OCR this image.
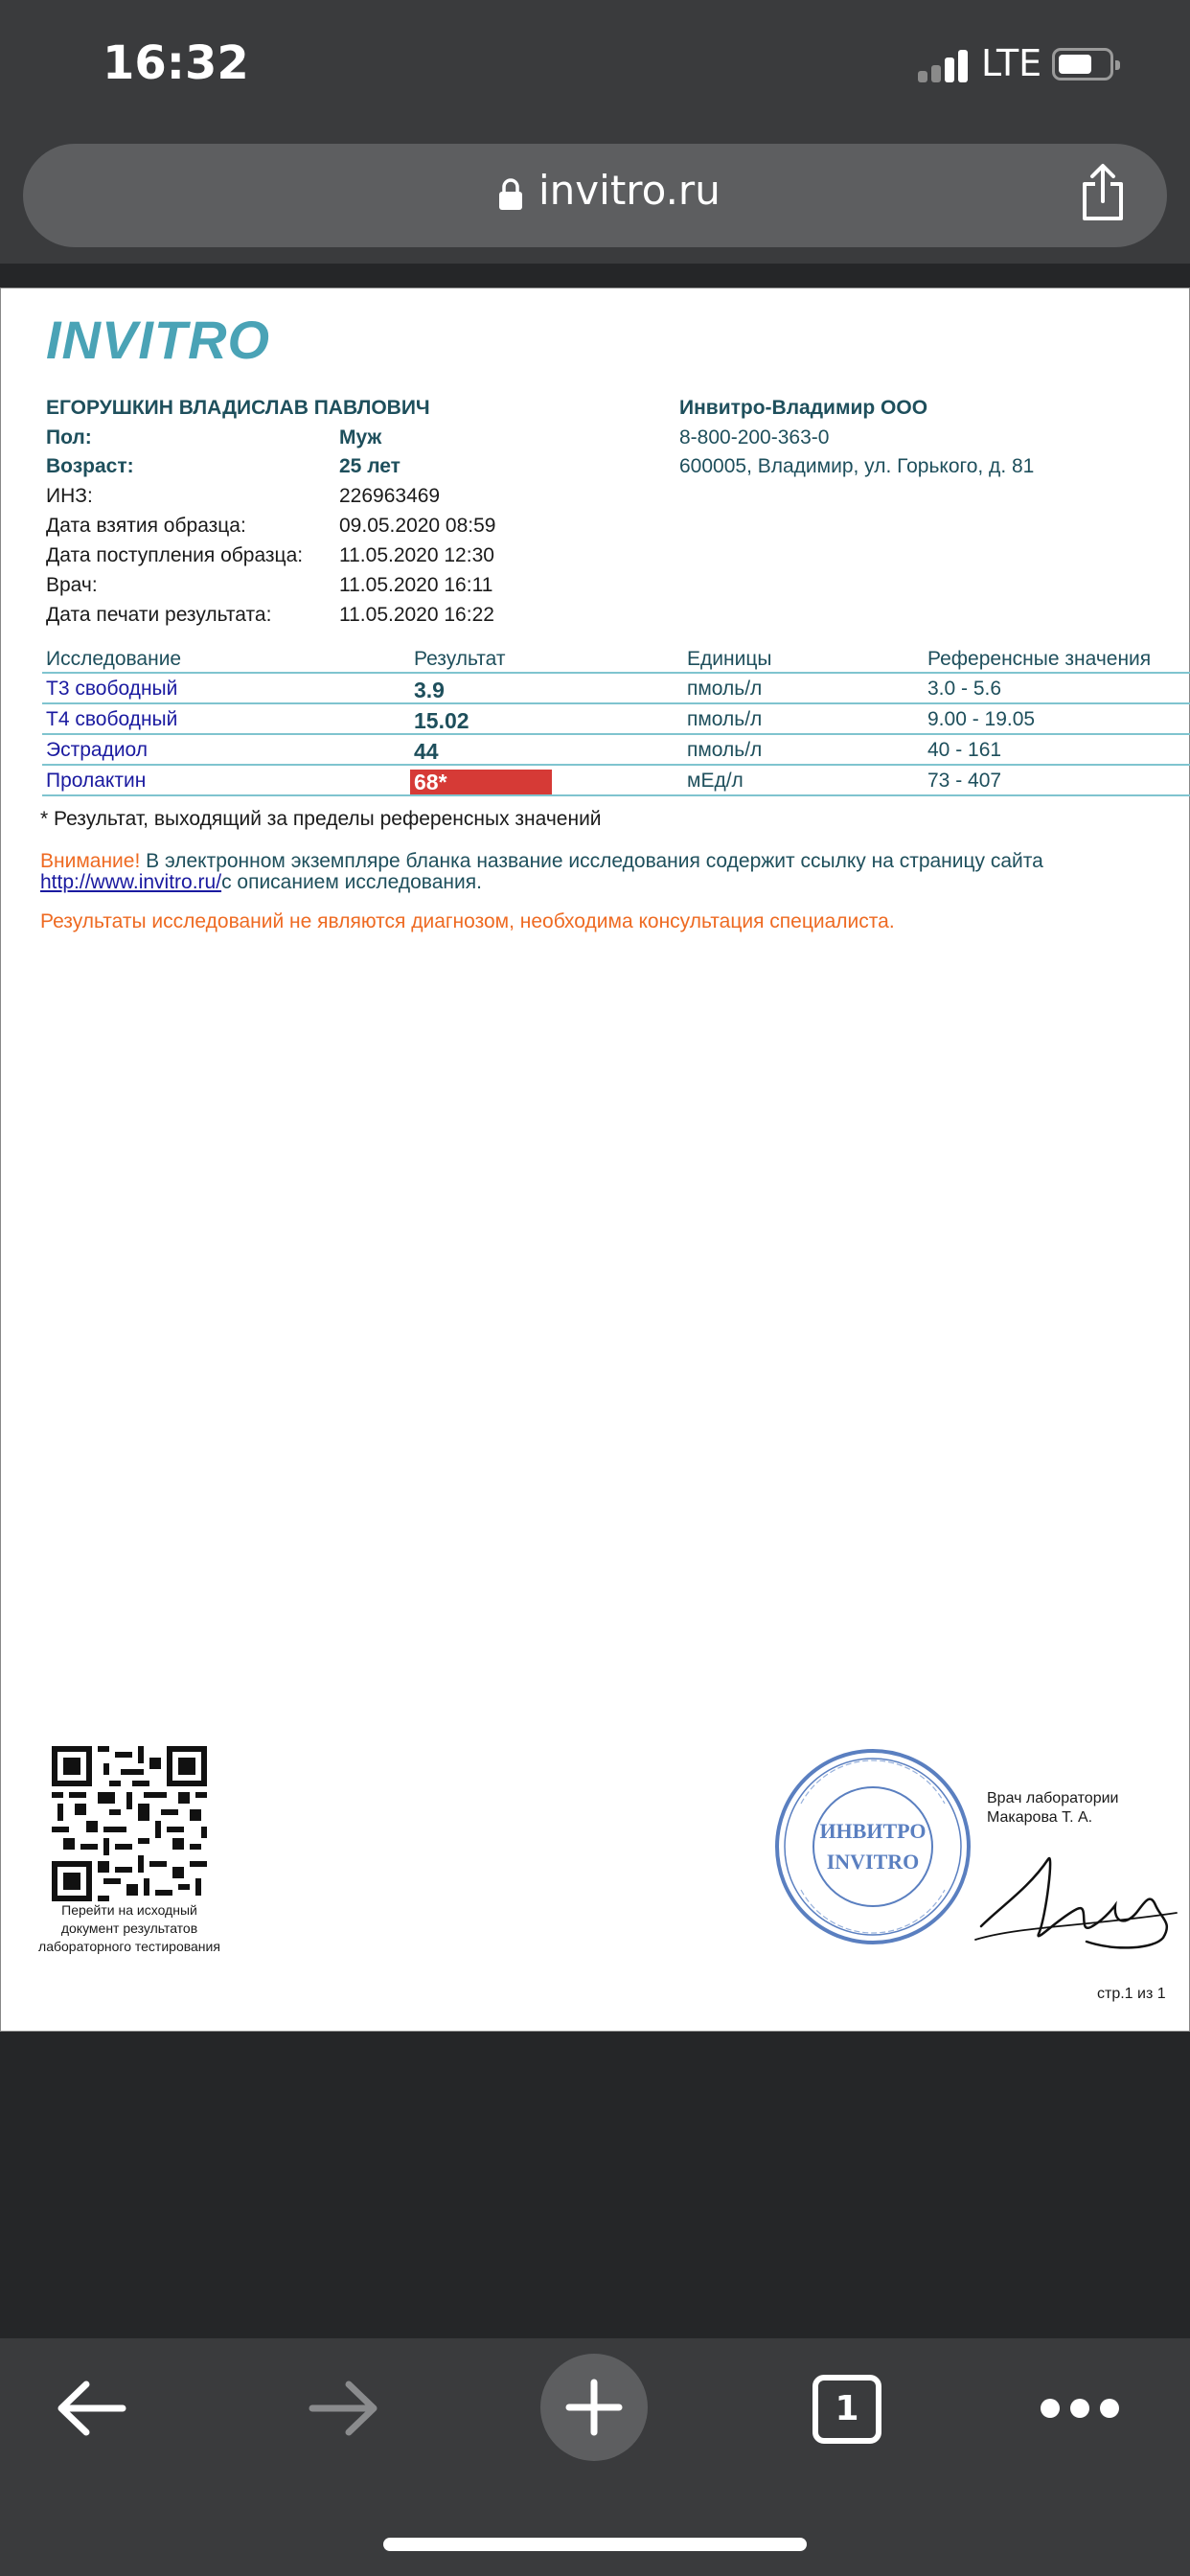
16:32	LTE
invitro.ru
INVITRO
ЕГОРУШКИН ВЛАДИСЛАВ ПАВЛОВИЧ
Пол:	Муж
Возраст:	25 лет
ИНЗ:	226963469
Дата взятия образца:	09.05.2020 08:59
Дата поступления образца: 11.05.2020 12:30
Врач:	11.05.2020 16:11
Дата печати результата:	11.05.2020 16:22
Инвитро-Владимир ООО
8-800-200-363-0
600005, Владимир, ул. Горького, д. 81
Исследование	Результат	Единицы	Референсные значения
Т3 свободный	3.9	пмоль/л	3.0 - 5.6
Т4 свободный	15.02	пмоль/л	9.00 - 19.05
Эстрадиол	44	пмоль/л	40 - 161
Пролактин	68*	мЕд/л	73 - 407
* Результат, выходящий за пределы референсных значений
Внимание! В электронном экземпляре бланка название исследования содержит ссылку на страницу сайта
http://www.invitro.ru/с описанием исследования.
Результаты исследований не являются диагнозом, необходима консультация специалиста.
Перейти на исходный документ результатов лабораторного тестирования
ИНВИТРО
INVITRO
Врач лаборатории
Макарова Т. А.
стр.1 из 1
1
